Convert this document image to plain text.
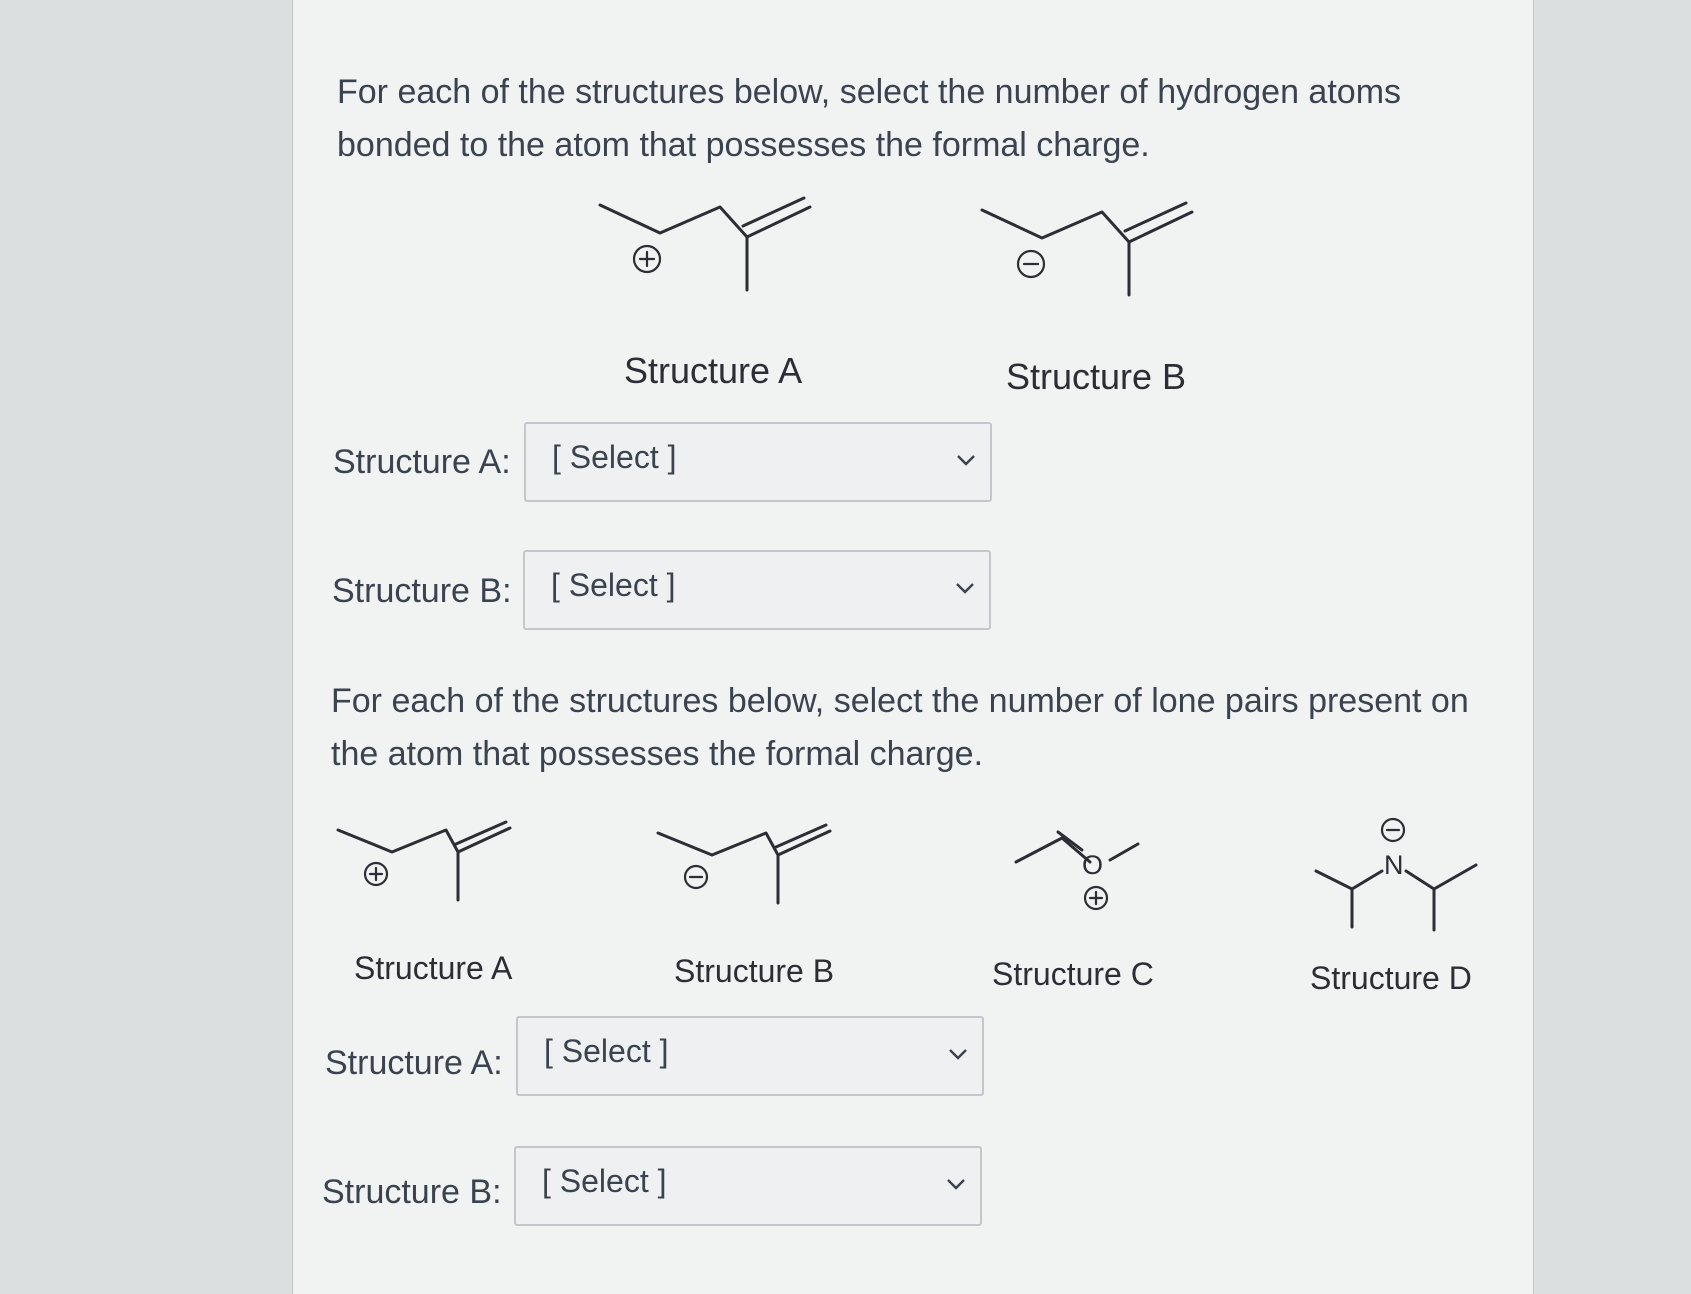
For each of the structures below, select the number of hydrogen atoms
bonded to the atom that possesses the formal charge.

Structure A	Structure B
Structure A: [ Select ]
Structure B: [ Select ]

For each of the structures below, select the number of lone pairs present on
the atom that possesses the formal charge.

Structure A	Structure B
O
Structure C
N
Structure D
Structure A: [ Select ]
Structure B: [ Select ]
